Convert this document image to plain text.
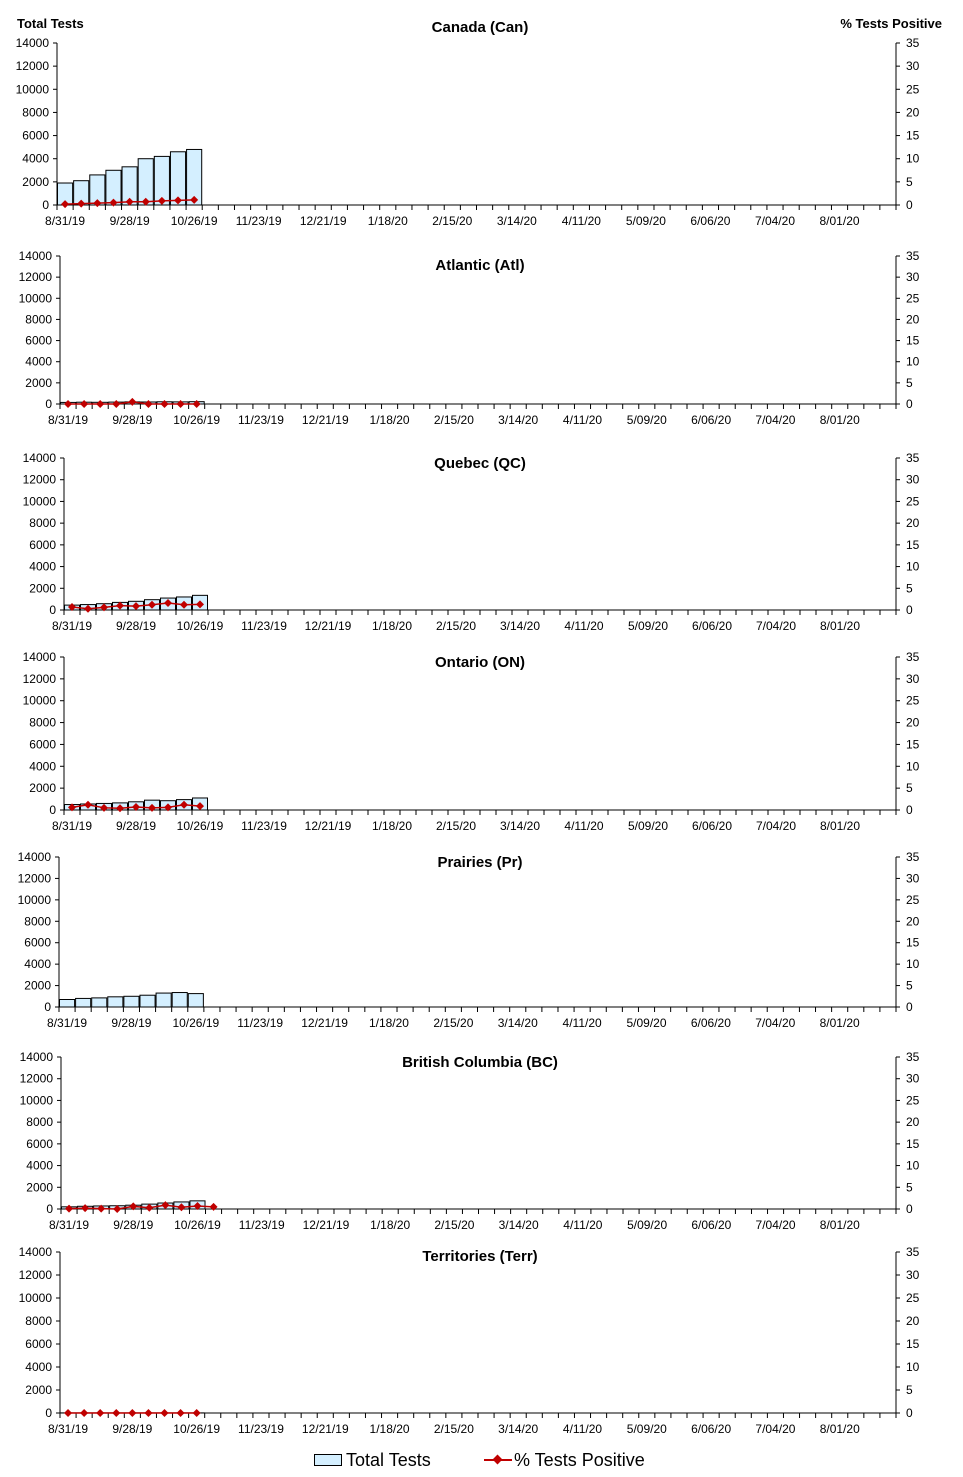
Canada (Can)
Total Tests	% Tests Positive
0
2000
4000
6000
8000
10000
12000
14000
0
5
10
15
20
25
30
35
8/31/19 9/28/19 10/26/19 11/23/19 12/21/19 1/18/20 2/15/20 3/14/20 4/11/20 5/09/20 6/06/20 7/04/20 8/01/20
Atlantic (Atl)
0
2000
4000
6000
8000
10000
12000
14000
0
5
10
15
20
25
30
35
8/31/19 9/28/19 10/26/19 11/23/19 12/21/19 1/18/20 2/15/20 3/14/20 4/11/20 5/09/20 6/06/20 7/04/20 8/01/20
Quebec (QC)
0
2000
4000
6000
8000
10000
12000
14000
0
5
10
15
20
25
30
35
8/31/19 9/28/19 10/26/19 11/23/19 12/21/19 1/18/20 2/15/20 3/14/20 4/11/20 5/09/20 6/06/20 7/04/20 8/01/20
Ontario (ON)
0
2000
4000
6000
8000
10000
12000
14000
0
5
10
15
20
25
30
35
8/31/19 9/28/19 10/26/19 11/23/19 12/21/19 1/18/20 2/15/20 3/14/20 4/11/20 5/09/20 6/06/20 7/04/20 8/01/20
Prairies (Pr)
0
2000
4000
6000
8000
10000
12000
14000
0
5
10
15
20
25
30
35
8/31/19 9/28/19 10/26/19 11/23/19 12/21/19 1/18/20 2/15/20 3/14/20 4/11/20 5/09/20 6/06/20 7/04/20 8/01/20
British Columbia (BC)
0
2000
4000
6000
8000
10000
12000
14000
0
5
10
15
20
25
30
35
8/31/19 9/28/19 10/26/19 11/23/19 12/21/19 1/18/20 2/15/20 3/14/20 4/11/20 5/09/20 6/06/20 7/04/20 8/01/20
Territories (Terr)
0
2000
4000
6000
8000
10000
12000
14000
0
5
10
15
20
25
30
35
8/31/19 9/28/19 10/26/19 11/23/19 12/21/19 1/18/20 2/15/20 3/14/20 4/11/20 5/09/20 6/06/20 7/04/20 8/01/20
Total Tests	% Tests Positive
